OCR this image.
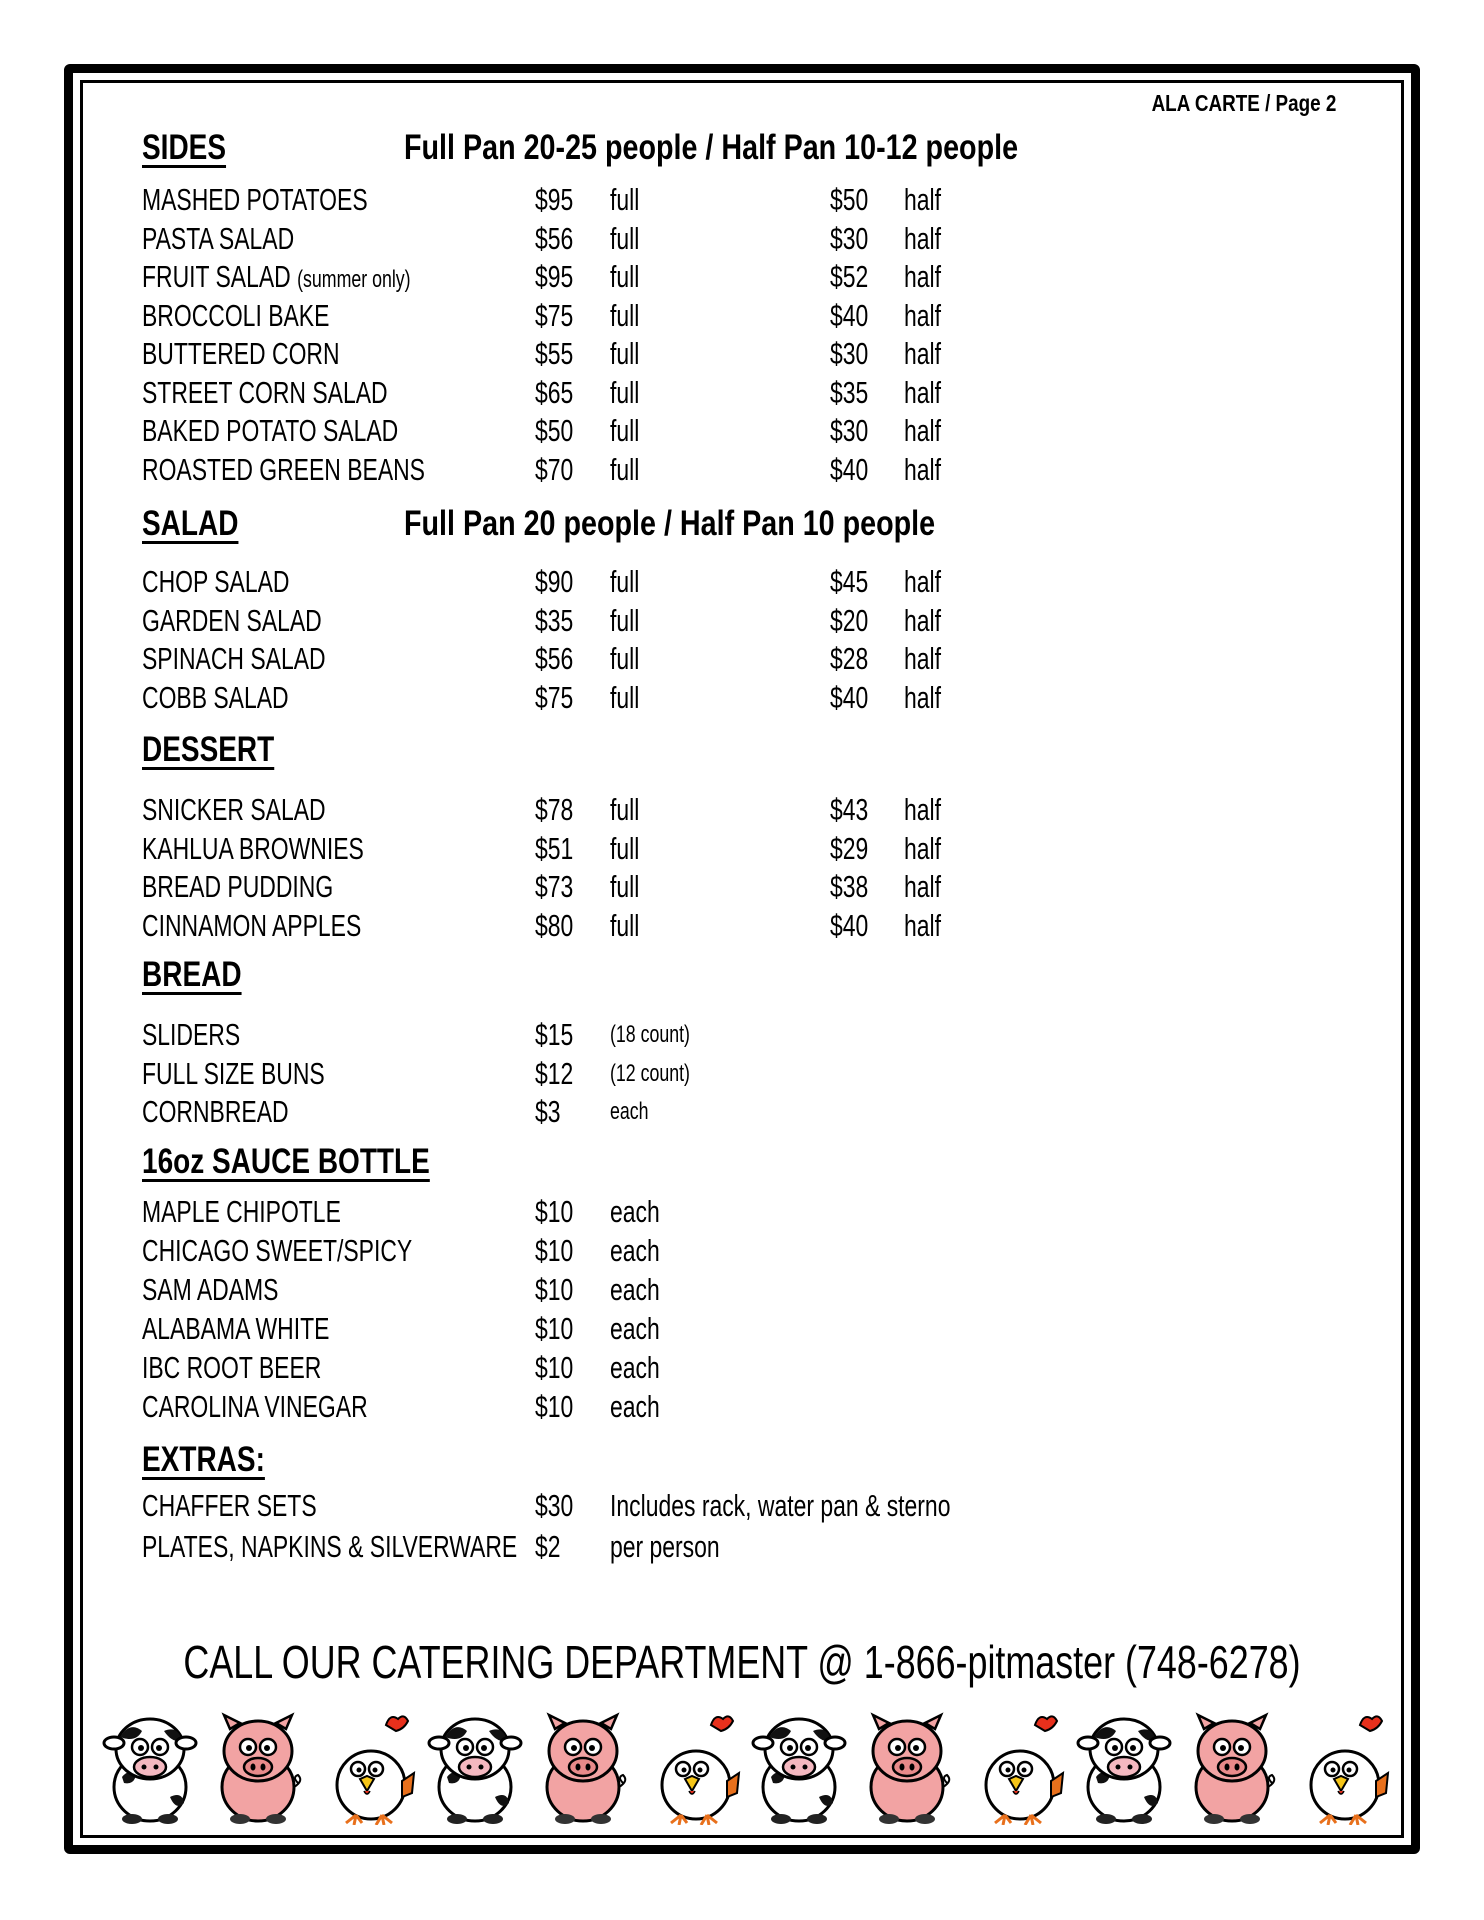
ALA CARTE / Page 2
SIDES	Full Pan 20-25 people / Half Pan 10-12 people
MASHED POTATOES	$95 full	$50 half
PASTA SALAD	$56 full	$30 half
FRUIT SALAD (summer only)	$95 full	$52 half
BROCCOLI BAKE	$75 full	$40 half
BUTTERED CORN	$55 full	$30 half
STREET CORN SALAD	$65 full	$35 half
BAKED POTATO SALAD	$50 full	$30 half
ROASTED GREEN BEANS	$70 full	$40 half
SALAD	Full Pan 20 people / Half Pan 10 people
CHOP SALAD	$90 full	$45 half
GARDEN SALAD	$35 full	$20 half
SPINACH SALAD	$56 full	$28 half
COBB SALAD	$75 full	$40 half
DESSERT
SNICKER SALAD	$78 full	$43 half
KAHLUA BROWNIES	$51 full	$29 half
BREAD PUDDING	$73 full	$38 half
CINNAMON APPLES	$80 full	$40 half
BREAD
SLIDERS	$15 (18 count)
FULL SIZE BUNS	$12 (12 count)
CORNBREAD	$3 each
16oz SAUCE BOTTLE
MAPLE CHIPOTLE	$10 each
CHICAGO SWEET/SPICY	$10 each
SAM ADAMS	$10 each
ALABAMA WHITE	$10 each
IBC ROOT BEER	$10 each
CAROLINA VINEGAR	$10 each
EXTRAS:
CHAFFER SETS	$30 Includes rack, water pan & sterno
PLATES, NAPKINS & SILVERWARE $2 per person
CALL OUR CATERING DEPARTMENT @ 1-866-pitmaster (748-6278)
